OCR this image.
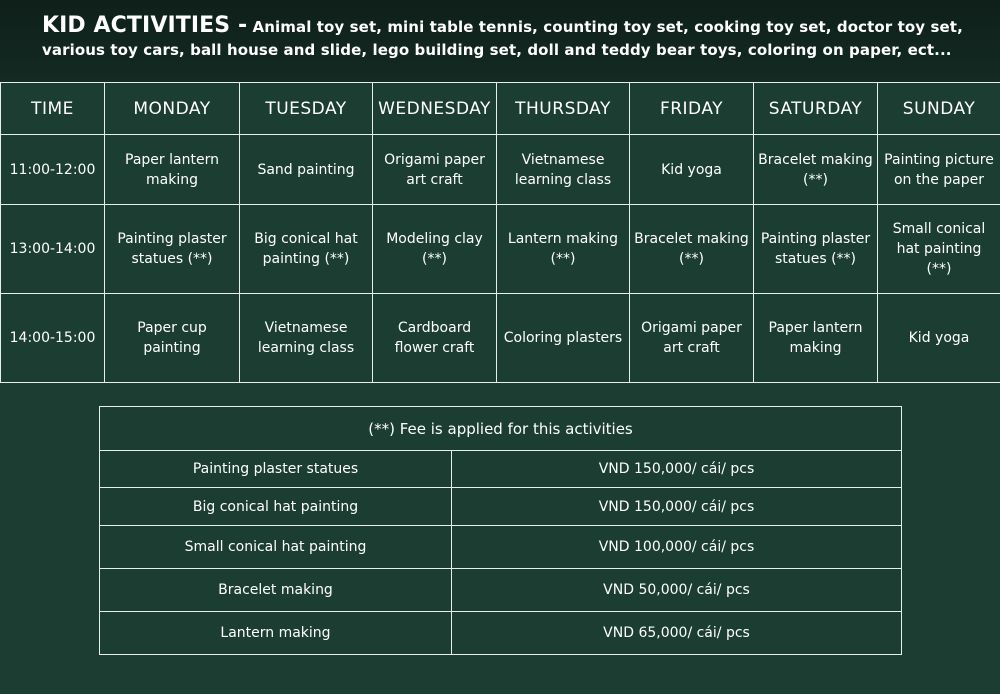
KID ACTIVITIES - Animal toy set, mini table tennis, counting toy set, cooking toy set, doctor toy set, various toy cars, ball house and slide, lego building set, doll and teddy bear toys, coloring on paper, ect...
TIME	MONDAY	TUESDAY	WEDNESDAY	THURSDAY	FRIDAY	SATURDAY	SUNDAY
11:00-12:00	Paper lantern making	Sand painting	Origami paper art craft	Vietnamese learning class	Kid yoga	Bracelet making (**)	Painting picture on the paper
13:00-14:00	Painting plaster statues (**)	Big conical hat painting (**)	Modeling clay (**)	Lantern making (**)	Bracelet making (**)	Painting plaster statues (**)	Small conical hat painting (**)
14:00-15:00	Paper cup painting	Vietnamese learning class	Cardboard flower craft	Coloring plasters	Origami paper art craft	Paper lantern making	Kid yoga
(**) Fee is applied for this activities	
Painting plaster statues	VND 150,000/ cái/ pcs
Big conical hat painting	VND 150,000/ cái/ pcs
Small conical hat painting	VND 100,000/ cái/ pcs
Bracelet making	VND 50,000/ cái/ pcs
Lantern making	VND 65,000/ cái/ pcs
